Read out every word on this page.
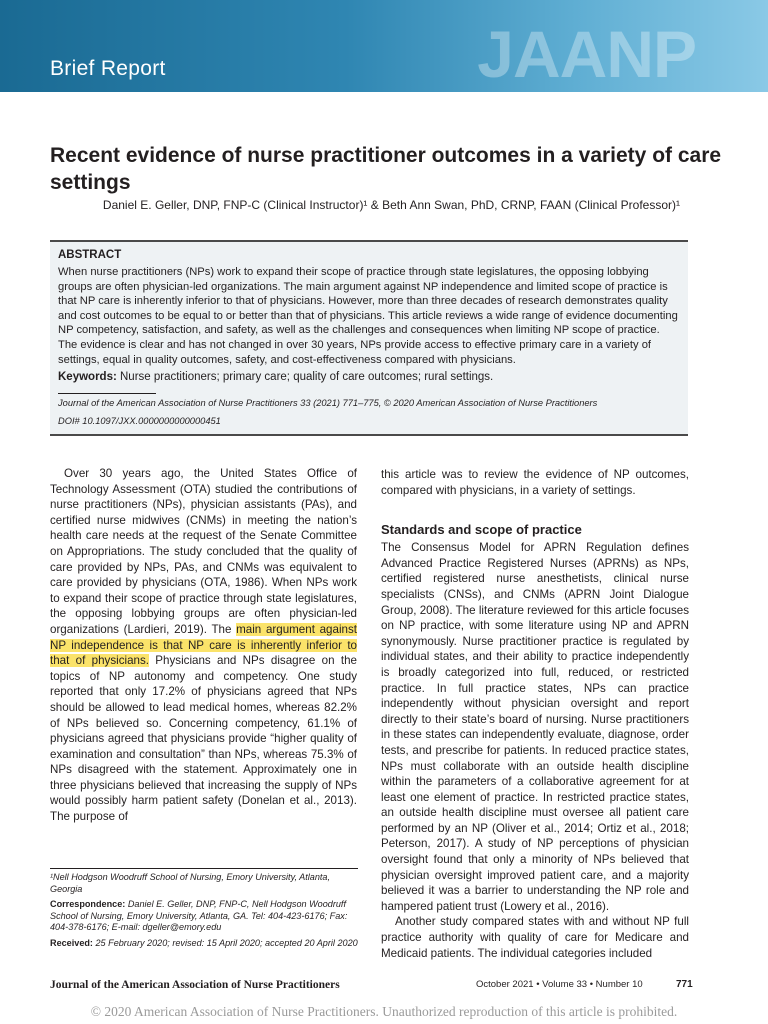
Brief Report	JAANP
Recent evidence of nurse practitioner outcomes in a variety of care settings
Daniel E. Geller, DNP, FNP-C (Clinical Instructor)¹ & Beth Ann Swan, PhD, CRNP, FAAN (Clinical Professor)¹
ABSTRACT
When nurse practitioners (NPs) work to expand their scope of practice through state legislatures, the opposing lobbying groups are often physician-led organizations. The main argument against NP independence and limited scope of practice is that NP care is inherently inferior to that of physicians. However, more than three decades of research demonstrates quality and cost outcomes to be equal to or better than that of physicians. This article reviews a wide range of evidence documenting NP competency, satisfaction, and safety, as well as the challenges and consequences when limiting NP scope of practice. The evidence is clear and has not changed in over 30 years, NPs provide access to effective primary care in a variety of settings, equal in quality outcomes, safety, and cost-effectiveness compared with physicians.
Keywords: Nurse practitioners; primary care; quality of care outcomes; rural settings.
Journal of the American Association of Nurse Practitioners 33 (2021) 771–775, © 2020 American Association of Nurse Practitioners
DOI# 10.1097/JXX.0000000000000451

Over 30 years ago, the United States Office of Technology Assessment (OTA) studied the contributions of nurse practitioners (NPs), physician assistants (PAs), and certified nurse midwives (CNMs) in meeting the nation’s health care needs at the request of the Senate Committee on Appropriations. The study concluded that the quality of care provided by NPs, PAs, and CNMs was equivalent to care provided by physicians (OTA, 1986). When NPs work to expand their scope of practice through state legislatures, the opposing lobbying groups are often physician-led organizations (Lardieri, 2019). The main argument against NP independence is that NP care is inherently inferior to that of physicians. Physicians and NPs disagree on the topics of NP autonomy and competency. One study reported that only 17.2% of physicians agreed that NPs should be allowed to lead medical homes, whereas 82.2% of NPs believed so. Concerning competency, 61.1% of physicians agreed that physicians provide “higher quality of examination and consultation” than NPs, whereas 75.3% of NPs disagreed with the statement. Approximately one in three physicians believed that increasing the supply of NPs would possibly harm patient safety (Donelan et al., 2013). The purpose of

this article was to review the evidence of NP outcomes, compared with physicians, in a variety of settings.

Standards and scope of practice

The Consensus Model for APRN Regulation defines Advanced Practice Registered Nurses (APRNs) as NPs, certified registered nurse anesthetists, clinical nurse specialists (CNSs), and CNMs (APRN Joint Dialogue Group, 2008). The literature reviewed for this article focuses on NP practice, with some literature using NP and APRN synonymously. Nurse practitioner practice is regulated by individual states, and their ability to practice independently is broadly categorized into full, reduced, or restricted practice. In full practice states, NPs can practice independently without physician oversight and report directly to their state’s board of nursing. Nurse practitioners in these states can independently evaluate, diagnose, order tests, and prescribe for patients. In reduced practice states, NPs must collaborate with an outside health discipline within the parameters of a collaborative agreement for at least one element of practice. In restricted practice states, an outside health discipline must oversee all patient care performed by an NP (Oliver et al., 2014; Ortiz et al., 2018; Peterson, 2017). A study of NP perceptions of physician oversight found that only a minority of NPs believed that physician oversight improved patient care, and a majority believed it was a barrier to understanding the NP role and hampered patient trust (Lowery et al., 2016).

Another study compared states with and without NP full practice authority with quality of care for Medicare and Medicaid patients. The individual categories included

¹Nell Hodgson Woodruff School of Nursing, Emory University, Atlanta, Georgia

Correspondence: Daniel E. Geller, DNP, FNP-C, Nell Hodgson Woodruff School of Nursing, Emory University, Atlanta, GA. Tel: 404-423-6176; Fax: 404-378-6176; E-mail: dgeller@emory.edu

Received: 25 February 2020; revised: 15 April 2020; accepted 20 April 2020

Journal of the American Association of Nurse Practitioners	October 2021 • Volume 33 • Number 10	771
© 2020 American Association of Nurse Practitioners. Unauthorized reproduction of this article is prohibited.
